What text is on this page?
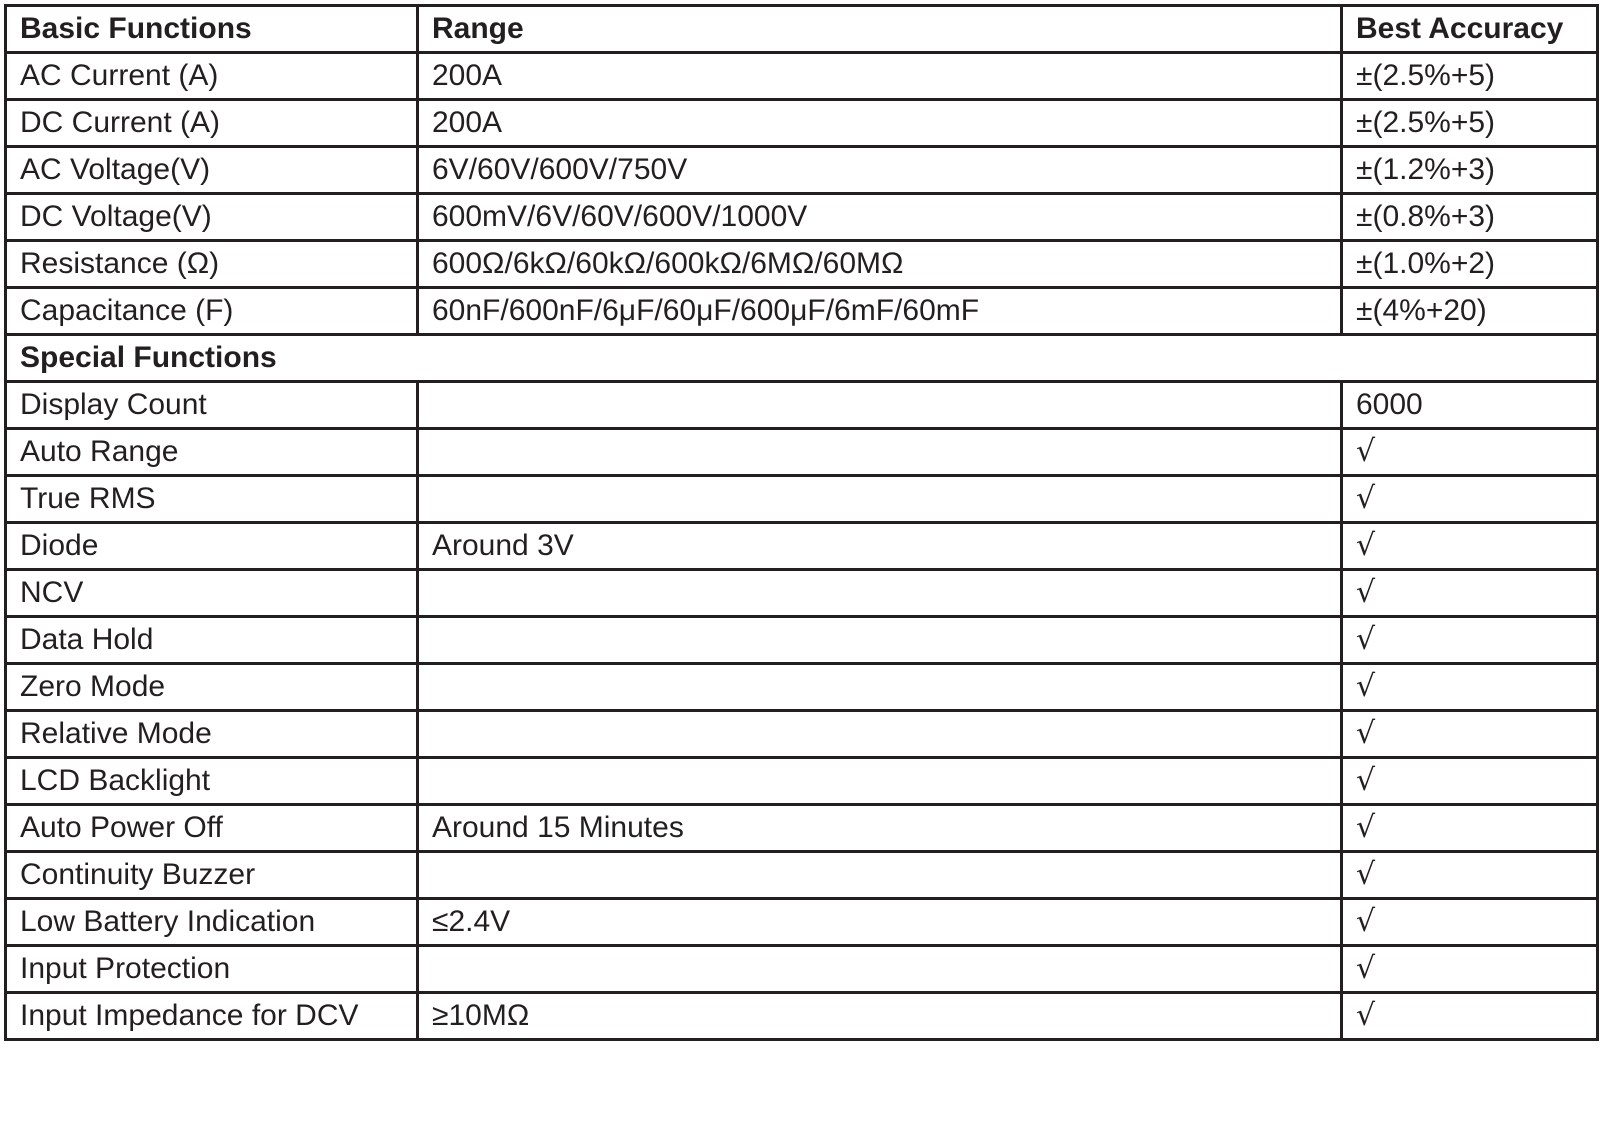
Basic Functions	Range	Best Accuracy
AC Current (A)	200A	±(2.5%+5)
DC Current (A)	200A	±(2.5%+5)
AC Voltage(V)	6V/60V/600V/750V	±(1.2%+3)
DC Voltage(V)	600mV/6V/60V/600V/1000V	±(0.8%+3)
Resistance (Ω)	600Ω/6kΩ/60kΩ/600kΩ/6MΩ/60MΩ	±(1.0%+2)
Capacitance (F)	60nF/600nF/6μF/60μF/600μF/6mF/60mF	±(4%+20)
Special Functions		
Display Count		6000
Auto Range		√
True RMS		√
Diode	Around 3V	√
NCV		√
Data Hold		√
Zero Mode		√
Relative Mode		√
LCD Backlight		√
Auto Power Off	Around 15 Minutes	√
Continuity Buzzer		√
Low Battery Indication	≤2.4V	√
Input Protection		√
Input Impedance for DCV	≥10MΩ	√
